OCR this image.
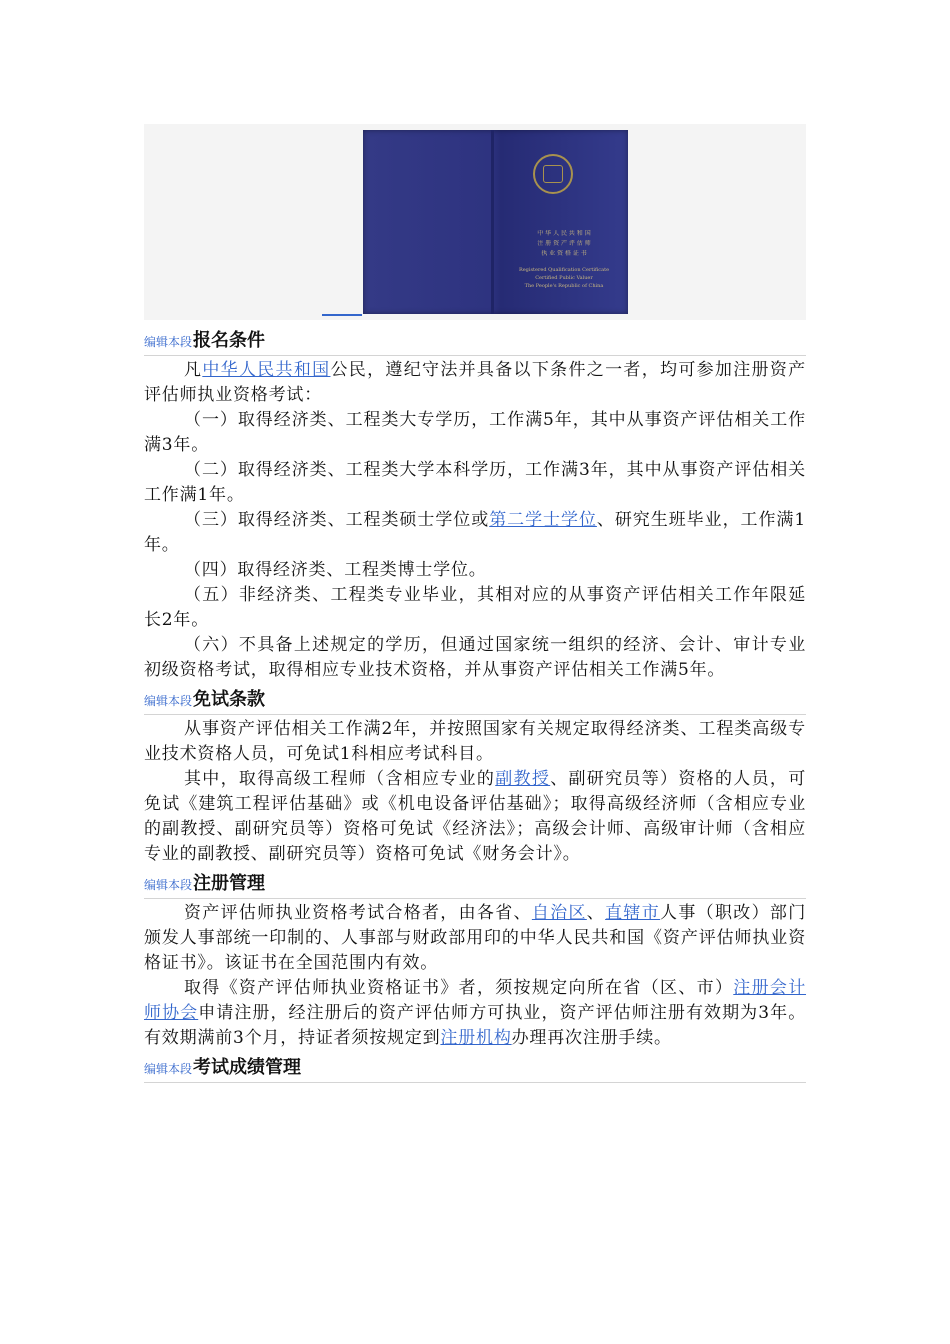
中 华 人 民 共 和 国
注 册 资 产 评 估 师
执 业 资 格 证 书
Registered Qualification Certificate
Certified Public Valuer
The People's Republic of China
编辑本段 报名条件

凡中华人民共和国公民，遵纪守法并具备以下条件之一者，均可参加注册资产评估师执业资格考试：

（一）取得经济类、工程类大专学历，工作满5年，其中从事资产评估相关工作满3年。

（二）取得经济类、工程类大学本科学历，工作满3年，其中从事资产评估相关工作满1年。

（三）取得经济类、工程类硕士学位或第二学士学位、研究生班毕业，工作满1年。

（四）取得经济类、工程类博士学位。

（五）非经济类、工程类专业毕业，其相对应的从事资产评估相关工作年限延长2年。

（六）不具备上述规定的学历，但通过国家统一组织的经济、会计、审计专业初级资格考试，取得相应专业技术资格，并从事资产评估相关工作满5年。

编辑本段 免试条款

从事资产评估相关工作满2年，并按照国家有关规定取得经济类、工程类高级专业技术资格人员，可免试1科相应考试科目。

其中，取得高级工程师（含相应专业的副教授、副研究员等）资格的人员，可免试《建筑工程评估基础》或《机电设备评估基础》；取得高级经济师（含相应专业的副教授、副研究员等）资格可免试《经济法》；高级会计师、高级审计师（含相应专业的副教授、副研究员等）资格可免试《财务会计》。

编辑本段 注册管理

资产评估师执业资格考试合格者，由各省、自治区、直辖市人事（职改）部门颁发人事部统一印制的、人事部与财政部用印的中华人民共和国《资产评估师执业资格证书》。该证书在全国范围内有效。

取得《资产评估师执业资格证书》者，须按规定向所在省（区、市）注册会计师协会申请注册，经注册后的资产评估师方可执业，资产评估师注册有效期为3年。有效期满前3个月，持证者须按规定到注册机构办理再次注册手续。

编辑本段 考试成绩管理
